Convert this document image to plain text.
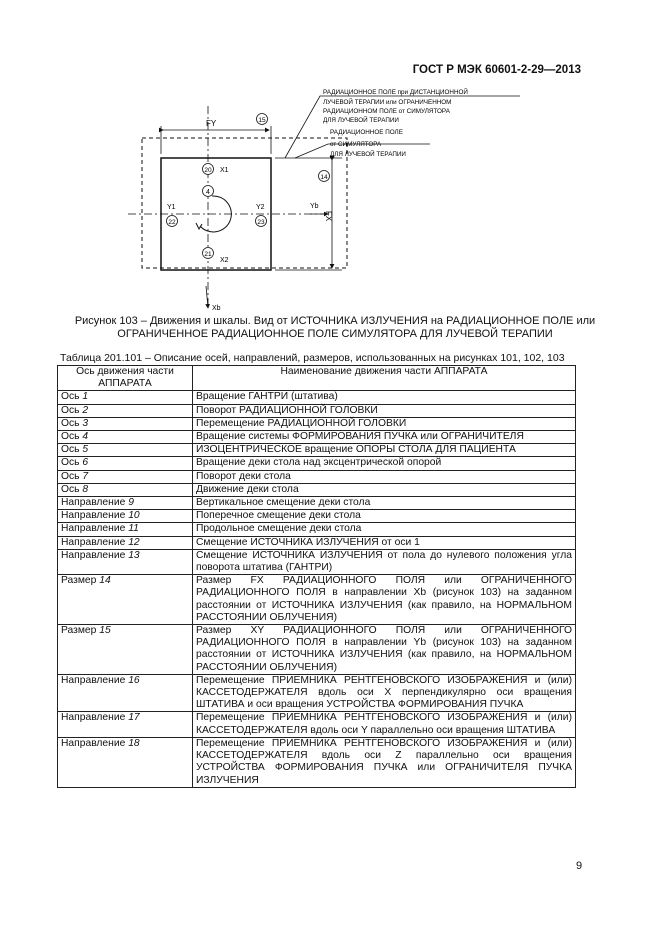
ГОСТ Р МЭК 60601-2-29—2013
FY
FX
Xb
Yb
X1
X2
Y1	Y2
4
20
21
22	23
15
14
РАДИАЦИОННОЕ ПОЛЕ при ДИСТАНЦИОННОЙ ЛУЧЕВОЙ ТЕРАПИИ или ОГРАНИЧЕННОМ РАДИАЦИОННОМ ПОЛЕ от СИМУЛЯТОРА ДЛЯ ЛУЧЕВОЙ ТЕРАПИИ
РАДИАЦИОННОЕ ПОЛЕ от СИМУЛЯТОРА ДЛЯ ЛУЧЕВОЙ ТЕРАПИИ
Рисунок 103 – Движения и шкалы. Вид от ИСТОЧНИКА ИЗЛУЧЕНИЯ на РАДИАЦИОННОЕ ПОЛЕ или
ОГРАНИЧЕННОЕ РАДИАЦИОННОЕ ПОЛЕ СИМУЛЯТОРА ДЛЯ ЛУЧЕВОЙ ТЕРАПИИ
Таблица 201.101 – Описание осей, направлений, размеров, использованных на рисунках 101, 102, 103
Ось движения части АППАРАТА	Наименование движения части АППАРАТА
Ось 1	Вращение ГАНТРИ (штатива)
Ось 2	Поворот РАДИАЦИОННОЙ ГОЛОВКИ
Ось 3	Перемещение РАДИАЦИОННОЙ ГОЛОВКИ
Ось 4	Вращение системы ФОРМИРОВАНИЯ ПУЧКА или ОГРАНИЧИТЕЛЯ
Ось 5	ИЗОЦЕНТРИЧЕСКОЕ вращение ОПОРЫ СТОЛА ДЛЯ ПАЦИЕНТА
Ось 6	Вращение деки стола над эксцентрической опорой
Ось 7	Поворот деки стола
Ось 8	Движение деки стола
Направление 9	Вертикальное смещение деки стола
Направление 10	Поперечное смещение деки стола
Направление 11	Продольное смещение деки стола
Направление 12	Смещение ИСТОЧНИКА ИЗЛУЧЕНИЯ от оси 1
Направление 13	Смещение ИСТОЧНИКА ИЗЛУЧЕНИЯ от пола до нулевого положения угла поворота штатива (ГАНТРИ)
Размер 14	Размер FX РАДИАЦИОННОГО ПОЛЯ или ОГРАНИЧЕННОГО РАДИАЦИОННОГО ПОЛЯ в направлении Xb (рисунок 103) на заданном расстоянии от ИСТОЧНИКА ИЗЛУЧЕНИЯ (как правило, на НОРМАЛЬНОМ РАССТОЯНИИ ОБЛУЧЕНИЯ)
Размер 15	Размер XY РАДИАЦИОННОГО ПОЛЯ или ОГРАНИЧЕННОГО РАДИАЦИОННОГО ПОЛЯ в направлении Yb (рисунок 103) на заданном расстоянии от ИСТОЧНИКА ИЗЛУЧЕНИЯ (как правило, на НОРМАЛЬНОМ РАССТОЯНИИ ОБЛУЧЕНИЯ)
Направление 16	Перемещение ПРИЕМНИКА РЕНТГЕНОВСКОГО ИЗОБРАЖЕНИЯ и (или) КАССЕТОДЕРЖАТЕЛЯ вдоль оси X перпендикулярно оси вращения ШТАТИВА и оси вращения УСТРОЙСТВА ФОРМИРОВАНИЯ ПУЧКА
Направление 17	Перемещение ПРИЕМНИКА РЕНТГЕНОВСКОГО ИЗОБРАЖЕНИЯ и (или) КАССЕТОДЕРЖАТЕЛЯ вдоль оси Y параллельно оси вращения ШТАТИВА
Направление 18	Перемещение ПРИЕМНИКА РЕНТГЕНОВСКОГО ИЗОБРАЖЕНИЯ и (или) КАССЕТОДЕРЖАТЕЛЯ вдоль оси Z параллельно оси вращения УСТРОЙСТВА ФОРМИРОВАНИЯ ПУЧКА или ОГРАНИЧИТЕЛЯ ПУЧКА ИЗЛУЧЕНИЯ
9
